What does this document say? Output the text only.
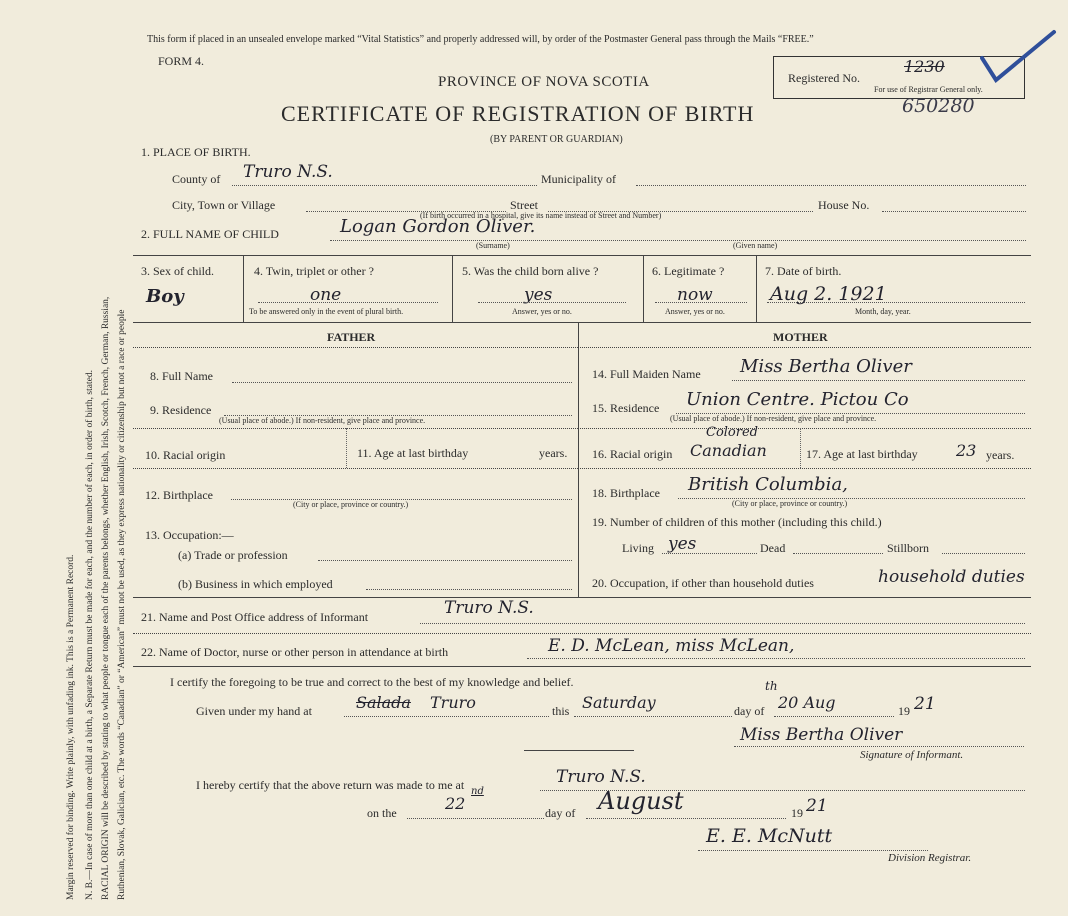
Margin reserved for binding. Write plainly, with unfading ink. This is a Permanent Record. N. B.—In case of more than one child at a birth, a Separate Return must be made for each, and the number of each, in order of birth, stated. RACIAL ORIGIN will be described by stating to what people or tongue each of the parents belongs, whether English, Irish, Scotch, French, German, Russian, Ruthenian, Slovak, Galician, etc. The words “Canadian” or “American” must not be used, as they express nationality or citizenship but not a race or people
This form if placed in an unsealed envelope marked “Vital Statistics” and properly addressed will, by order of the Postmaster General pass through the Mails “FREE.”
FORM 4.
PROVINCE OF NOVA SCOTIA
CERTIFICATE OF REGISTRATION OF BIRTH
(BY PARENT OR GUARDIAN)
Registered No.
1230
For use of Registrar General only.
650280
1. PLACE OF BIRTH.
County of Truro N.S.	Municipality of
City, Town or Village	Street	House No.
(If birth occurred in a hospital, give its name instead of Street and Number)
2. FULL NAME OF CHILD	Logan Gordon Oliver.
(Surname)	(Given name)
3. Sex of child.
Boy
4. Twin, triplet or other ?
one
To be answered only in the event of plural birth.
5. Was the child born alive ?
yes
Answer, yes or no.
6. Legitimate ?
now
Answer, yes or no.
7. Date of birth.
Aug 2. 1921
Month, day, year.
FATHER	MOTHER
8. Full Name
9. Residence
(Usual place of abode.) If non-resident, give place and province.
10. Racial origin	11. Age at last birthday	years.
12. Birthplace
(City or place, province or country.)
13. Occupation:—
(a) Trade or profession
(b) Business in which employed
14. Full Maiden Name Miss Bertha Oliver
15. Residence Union Centre. Pictou Co
(Usual place of abode.) If non-resident, give place and province.
16. Racial origin
Colored
Canadian	17. Age at last birthday 23 years.
18. Birthplace British Columbia,
(City or place, province or country.)
19. Number of children of this mother (including this child.)
Living yes	Dead	Stillborn
20. Occupation, if other than household duties	household duties
21. Name and Post Office address of Informant	Truro N.S.
22. Name of Doctor, nurse or other person in attendance at birth	E. D. McLean, miss McLean,
I certify the foregoing to be true and correct to the best of my knowledge and belief.
Given under my hand at	Salada Truro	this Saturday	day of
th
20 Aug	19 21
Miss Bertha Oliver
Signature of Informant.
I hereby certify that the above return was made to me at	Truro N.S.
on the	22
nd
day of August	19 21
E. E. McNutt
Division Registrar.
